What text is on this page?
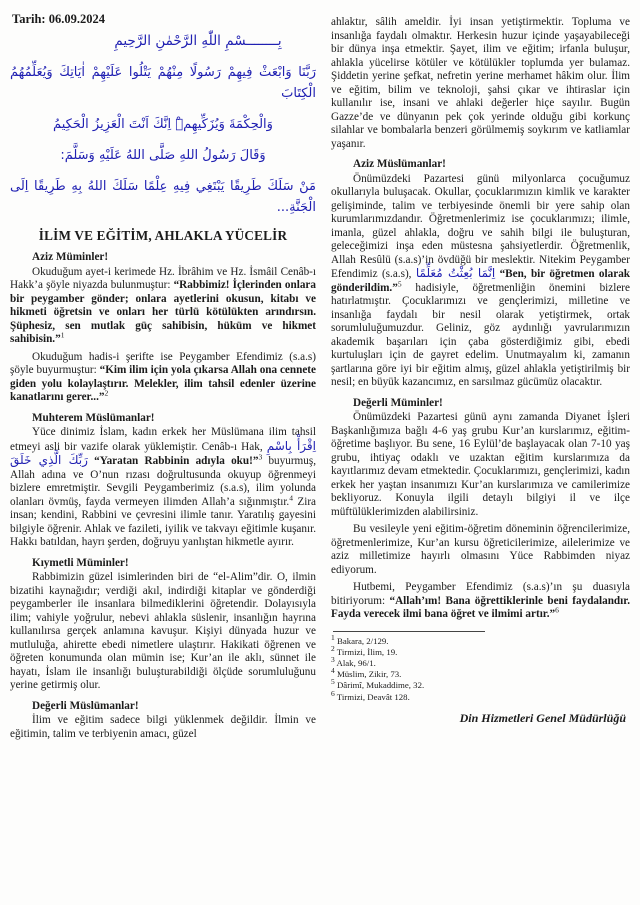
Tarih: 06.09.2024
بِــــــــسْمِ اللّٰهِ الرَّحْمٰنِ الرَّحِيمِ
رَبَّنَا وَابْعَثْ فِيهِمْ رَسُولًا مِنْهُمْ يَتْلُوا عَلَيْهِمْ اٰيَاتِكَ وَيُعَلِّمُهُمُ الْكِتَابَ
وَالْحِكْمَةَ وَيُزَكِّيهِمْۜ اِنَّكَ اَنْتَ الْعَزِيزُ الْحَكِيمُ
وَقَالَ رَسُولُ اللهِ صَلَّى اللهُ عَلَيْهِ وَسَلَّمَ:
مَنْ سَلَكَ طَرِيقًا يَبْتَغِي فِيهِ عِلْمًا سَلَكَ اللهُ بِهِ طَرِيقًا اِلَى الْجَنَّةِ...
İLİM VE EĞİTİM, AHLAKLA YÜCELİR
Aziz Müminler!

Okuduğum ayet-i kerimede Hz. İbrâhim ve Hz. İsmâil Cenâb-ı Hakk’a şöyle niyazda bulunmuştur: “Rabbimiz! İçlerinden onlara bir peygamber gönder; onlara ayetlerini okusun, kitabı ve hikmeti öğretsin ve onları her türlü kötülükten arındırsın. Şüphesiz, sen mutlak güç sahibisin, hüküm ve hikmet sahibisin.”$^1$

Okuduğum hadis-i şerifte ise Peygamber Efendimiz (s.a.s) şöyle buyurmuştur: “Kim ilim için yola çıkarsa Allah ona cennete giden yolu kolaylaştırır. Melekler, ilim tahsil edenler üzerine kanatlarını gerer...”$^2$

Muhterem Müslümanlar!

Yüce dinimiz İslam, kadın erkek her Müslümana ilim tahsil etmeyi asli bir vazife olarak yüklemiştir. Cenâb-ı Hak, اِقْرَأْ بِاسْمِ رَبِّكَ الَّذِي خَلَقَ “Yaratan Rabbinin adıyla oku!”$^3$ buyurmuş, Allah adına ve O’nun rızası doğrultusunda okuyup öğrenmeyi bizlere emretmiştir. Sevgili Peygamberimiz (s.a.s), ilim yolunda olanları övmüş, fayda vermeyen ilimden Allah’a sığınmıştır.$^4$ Zira insan; kendini, Rabbini ve çevresini ilimle tanır. Yaratılış gayesini bilgiyle öğrenir. Ahlak ve fazileti, iyilik ve takvayı eğitimle kuşanır. Hakkı batıldan, hayrı şerden, doğruyu yanlıştan hikmetle ayırır.

Kıymetli Müminler!

Rabbimizin güzel isimlerinden biri de “el-Alim”dir. O, ilmin bizatihi kaynağıdır; verdiği akıl, indirdiği kitaplar ve gönderdiği peygamberler ile insanlara bilmediklerini öğretendir. Dolayısıyla ilim; vahiyle yoğrulur, nebevi ahlakla süslenir, insanlığın hayrına kullanılırsa gerçek anlamına kavuşur. Kişiyi dünyada huzur ve mutluluğa, ahirette ebedi nimetlere ulaştırır. Hakikati öğrenen ve öğreten konumunda olan mümin ise; Kur’an ile aklı, sünnet ile hayatı, İslam ile insanlığı buluşturabildiği ölçüde sorumluluğunu yerine getirmiş olur.

Değerli Müslümanlar!

İlim ve eğitim sadece bilgi yüklenmek değildir. İlmin ve eğitimin, talim ve terbiyenin amacı, güzel

ahlaktır, sâlih ameldir. İyi insan yetiştirmektir. Topluma ve insanlığa faydalı olmaktır. Herkesin huzur içinde yaşayabileceği bir dünya inşa etmektir. Şayet, ilim ve eğitim; irfanla buluşur, ahlakla yücelirse kötüler ve kötülükler toplumda yer bulamaz. Şiddetin yerine şefkat, nefretin yerine merhamet hâkim olur. İlim ve eğitim, bilim ve teknoloji, şahsi çıkar ve ihtiraslar için kullanılır ise, insani ve ahlaki değerler hiçe sayılır. Bugün Gazze’de ve dünyanın pek çok yerinde olduğu gibi korkunç silahlar ve bombalarla benzeri görülmemiş soykırım ve katliamlar yaşanır.

Aziz Müslümanlar!

Önümüzdeki Pazartesi günü milyonlarca çocuğumuz okullarıyla buluşacak. Okullar, çocuklarımızın kimlik ve karakter gelişiminde, talim ve terbiyesinde önemli bir yere sahip olan kurumlarımızdandır. Öğretmenlerimiz ise çocuklarımızı; ilimle, imanla, güzel ahlakla, doğru ve sahih bilgi ile buluşturan, geleceğimizi inşa eden müstesna şahsiyetlerdir. Öğretmenlik, Allah Resûlü (s.a.s)’in övdüğü bir meslektir. Nitekim Peygamber Efendimiz (s.a.s), اِنَّمَا بُعِثْتُ مُعَلِّمًا “Ben, bir öğretmen olarak gönderildim.”$^5$ hadisiyle, öğretmenliğin önemini bizlere hatırlatmıştır. Çocuklarımızı ve gençlerimizi, milletine ve insanlığa faydalı bir nesil olarak yetiştirmek, ortak sorumluluğumuzdur. Geliniz, göz aydınlığı yavrularımızın akademik başarıları için çaba gösterdiğimiz gibi, ebedi kurtuluşları için de gayret edelim. Unutmayalım ki, zamanın şartlarına göre iyi bir eğitim almış, güzel ahlakla yetiştirilmiş bir nesil; en büyük kazancımız, en sarsılmaz gücümüz olacaktır.

Değerli Müminler!

Önümüzdeki Pazartesi günü aynı zamanda Diyanet İşleri Başkanlığımıza bağlı 4-6 yaş grubu Kur’an kurslarımız, eğitim-öğretime başlıyor. Bu sene, 16 Eylül’de başlayacak olan 7-10 yaş grubu, ihtiyaç odaklı ve uzaktan eğitim kurslarımıza da kayıtlarımız devam etmektedir. Çocuklarımızı, gençlerimizi, kadın erkek her yaştan insanımızı Kur’an kurslarımıza ve camilerimize bekliyoruz. Konuyla ilgili detaylı bilgiyi il ve ilçe müftülüklerimizden alabilirsiniz.

Bu vesileyle yeni eğitim-öğretim döneminin öğrencilerimize, öğretmenlerimize, Kur’an kursu öğreticilerimize, ailelerimize ve aziz milletimize hayırlı olmasını Yüce Rabbimden niyaz ediyorum.

Hutbemi, Peygamber Efendimiz (s.a.s)’ın şu duasıyla bitiriyorum: “Allah’ım! Bana öğrettiklerinle beni faydalandır. Fayda verecek ilmi bana öğret ve ilmimi artır.”$^6$

$^1$ Bakara, 2/129.
$^2$ Tirmizi, İlim, 19.
$^3$ Alak, 96/1.
$^4$ Müslim, Zikir, 73.
$^5$ Dârimî, Mukaddime, 32.
$^6$ Tirmizi, Deavât 128.
Din Hizmetleri Genel Müdürlüğü
